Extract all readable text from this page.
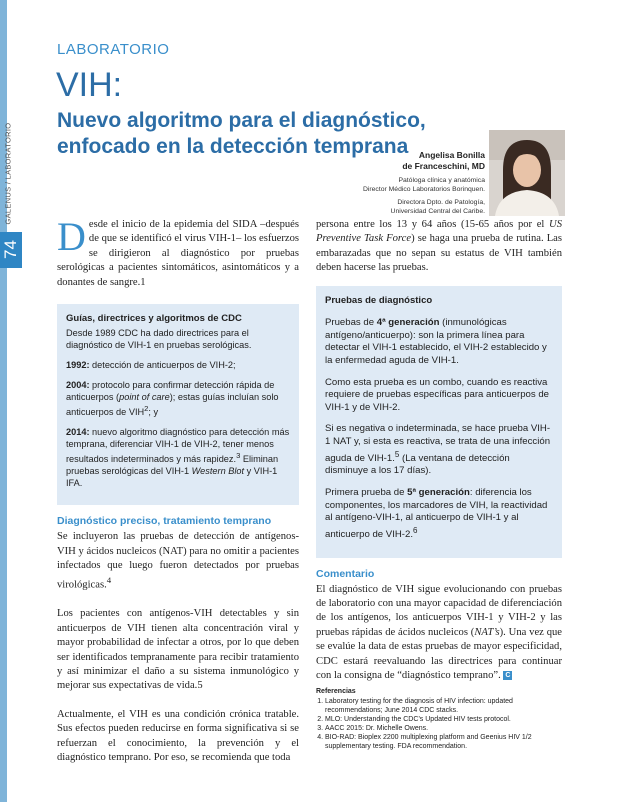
74
GALENUS / LABORATORIO
LABORATORIO
VIH:
Nuevo algoritmo para el diagnóstico, enfocado en la detección temprana	Angelisa Bonilla
de Franceschini, MD
Patóloga clínica y anatómica
Director Médico Laboratorios Borinquen.
Directora Dpto. de Patología,
Universidad Central del Caribe.

D esde el inicio de la epidemia del SIDA –después de que se identificó el virus VIH-1– los esfuerzos se dirigieron al diagnóstico por pruebas serológicas a pacientes sintomáticos, asintomáticos y a donantes de sangre.1

Guías, directrices y algoritmos de CDC

Desde 1989 CDC ha dado directrices para el diagnóstico de VIH-1 en pruebas serológicas.

1992: detección de anticuerpos de VIH-2;

2004: protocolo para confirmar detección rápida de anticuerpos (point of care); estas guías incluían solo anticuerpos de VIH$^2$; y

2014: nuevo algoritmo diagnóstico para detección más temprana, diferenciar VIH-1 de VIH-2, tener menos resultados indeterminados y más rapidez.$^3$ Eliminan pruebas serológicas del VIH-1 Western Blot y VIH-1 IFA.

Diagnóstico preciso, tratamiento temprano

Se incluyeron las pruebas de detección de antígenos-VIH y ácidos nucleicos (NAT) para no omitir a pacientes infectados que luego fueron detectados por pruebas virológicas.$^4$

Los pacientes con antígenos-VIH detectables y sin anticuerpos de VIH tienen alta concentración viral y mayor probabilidad de infectar a otros, por lo que deben ser identificados tempranamente para recibir tratamiento y así minimizar el daño a su sistema inmunológico y mejorar sus expectativas de vida.5

Actualmente, el VIH es una condición crónica tratable. Sus efectos pueden reducirse en forma significativa si se refuerzan el conocimiento, la prevención y el diagnóstico temprano. Por eso, se recomienda que toda

persona entre los 13 y 64 años (15-65 años por el US Preventive Task Force) se haga una prueba de rutina. Las embarazadas que no sepan su estatus de VIH también deben hacerse las pruebas.

Pruebas de diagnóstico

Pruebas de 4ª generación (inmunológicas antígeno/anticuerpo): son la primera línea para detectar el VIH-1 establecido, el VIH-2 establecido y la enfermedad aguda de VIH-1.

Como esta prueba es un combo, cuando es reactiva requiere de pruebas específicas para anticuerpos de VIH-1 y de VIH-2.

Si es negativa o indeterminada, se hace prueba VIH-1 NAT y, si esta es reactiva, se trata de una infección aguda de VIH-1.$^5$ (La ventana de detección disminuye a los 17 días).

Primera prueba de 5ª generación: diferencia los componentes, los marcadores de VIH, la reactividad al antígeno-VIH-1, al anticuerpo de VIH-1 y al anticuerpo de VIH-2.$^6$

Comentario

El diagnóstico de VIH sigue evolucionando con pruebas de laboratorio con una mayor capacidad de diferenciación de los antígenos, los anticuerpos VIH-1 y VIH-2 y las pruebas rápidas de ácidos nucleicos (NAT’s). Una vez que se evalúe la data de estas pruebas de mayor especificidad, CDC estará reevaluando las directrices para continuar con la consigna de “diagnóstico temprano”. C

Referencias
1. Laboratory testing for the diagnosis of HIV infection: updated recommendations; June 2014 CDC stacks.
2. MLO: Understanding the CDC’s Updated HIV tests protocol.
3. AACC 2015: Dr. Michelle Owens.
4. BIO-RAD: Bioplex 2200 multiplexing platform and Geenius HIV 1/2 supplementary testing. FDA recommendation.
